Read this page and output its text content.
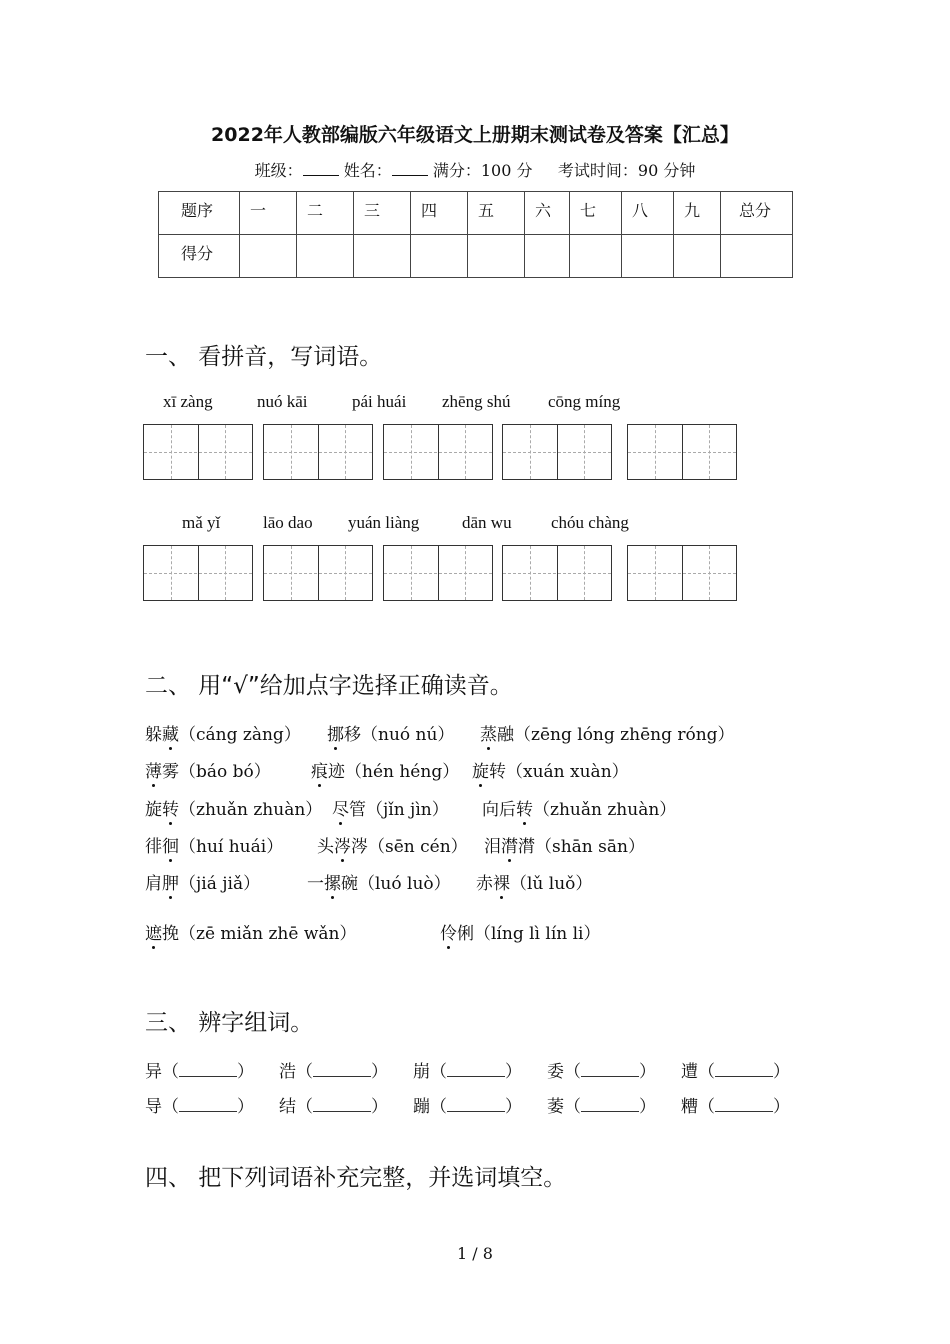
2022年人教部编版六年级语文上册期末测试卷及答案【汇总】
班级：	姓名：	满分：100 分 考试时间：90 分钟
题序	一	二	三	四	五	六	七	八	九	总分
得分										
一、 看拼音，写词语。
xī zàng	nuó kāi	pái huái zhēng shú cōng míng
mǎ yǐ	lāo dao yuán liàng	dān wu chóu chàng
二、 用“√”给加点字选择正确读音。
躲藏（cáng zàng） 挪移（nuó nú） 蒸融（zēng lóng zhēng róng）
薄雾（báo bó） 痕迹（hén héng） 旋转（xuán xuàn）
旋转（zhuǎn zhuàn） 尽管（jǐn jìn） 向后转（zhuǎn zhuàn）
徘徊（huí huái） 头涔涔（sēn cén） 泪潸潸（shān sān）
肩胛（jiá jiǎ）	一摞碗（luó luò） 赤裸（lǔ luǒ）
遮挽（zē miǎn zhē wǎn）	伶俐（líng lì lín li）
三、 辨字组词。
异（	） 浩（	） 崩（	） 委（	） 遭（	）
导（	） 结（	） 蹦（	） 萎（	） 糟（	）
四、 把下列词语补充完整，并选词填空。
1 / 8
